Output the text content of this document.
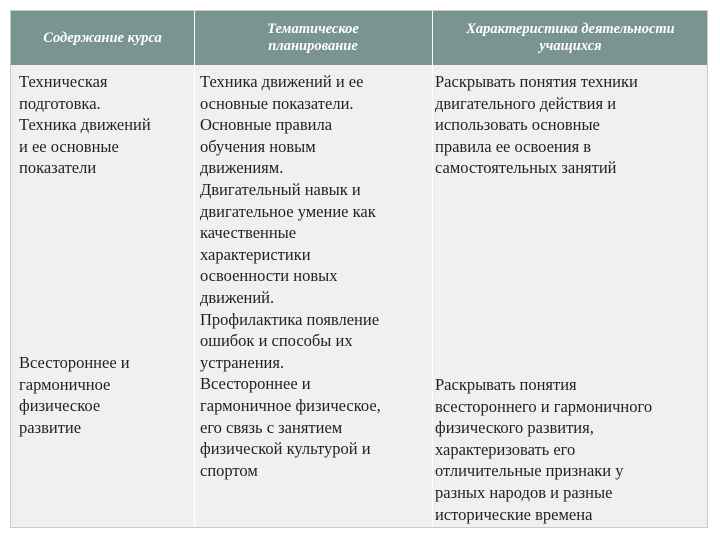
Содержание курса
Тематическое планирование
Характеристика деятельности учащихся
Техническая
подготовка.
Техника движений
и ее основные
показатели
Всестороннее и
гармоничное
физическое
развитие
Техника движений и ее
основные показатели.
Основные правила
обучения новым
движениям.
Двигательный навык и
двигательное умение как
качественные
характеристики
освоенности новых
движений.
Профилактика появление
ошибок и способы их
устранения.
Всестороннее и
гармоничное физическое,
его связь с занятием
физической культурой и
спортом
Раскрывать понятия техники
двигательного действия и
использовать основные
правила ее освоения в
самостоятельных занятий
Раскрывать понятия
всестороннего и гармоничного
физического развития,
характеризовать его
отличительные признаки у
разных народов и разные
исторические времена
